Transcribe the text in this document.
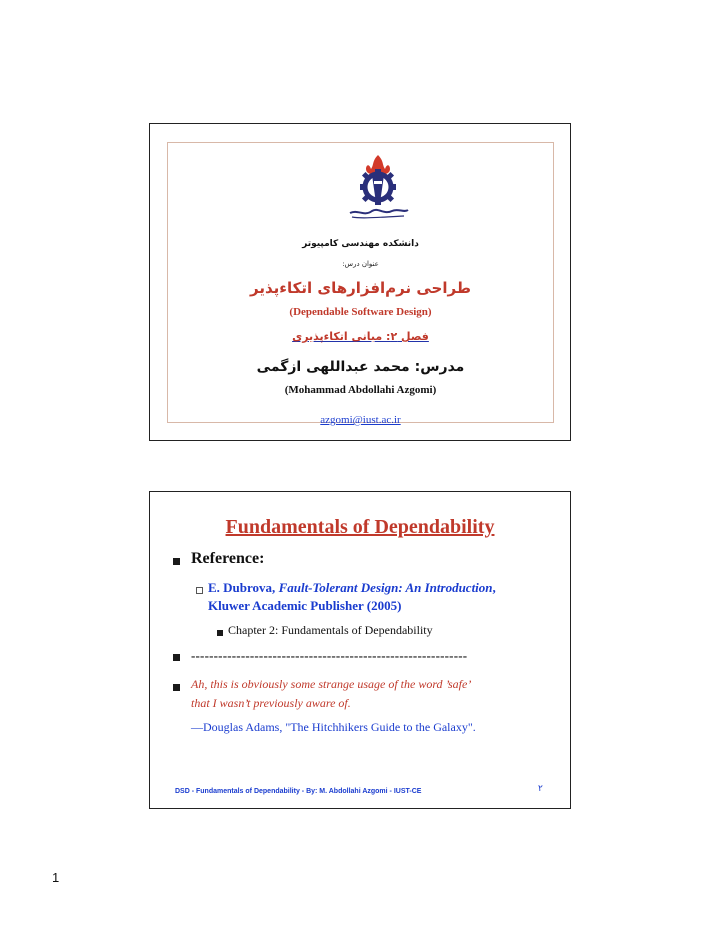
دانشکده مهندسی کامپیوتر
عنوان درس:
طراحی نرم‌افزارهای اتکاءپذیر
(Dependable Software Design)
فصل ۲: مبانی اتکاءپذیری
مدرس: محمد عبداللهی ازگمی
(Mohammad Abdollahi Azgomi)
azgomi@iust.ac.ir
Fundamentals of Dependability
Reference:
E. Dubrova, Fault-Tolerant Design: An Introduction,
Kluwer Academic Publisher (2005)
Chapter 2: Fundamentals of Dependability
-------------------------------------------------------------
Ah, this is obviously some strange usage of the word ’safe’
that I wasn’t previously aware of.
—Douglas Adams, "The Hitchhikers Guide to the Galaxy".
DSD - Fundamentals of Dependability - By: M. Abdollahi Azgomi - IUST-CE	۲
1
